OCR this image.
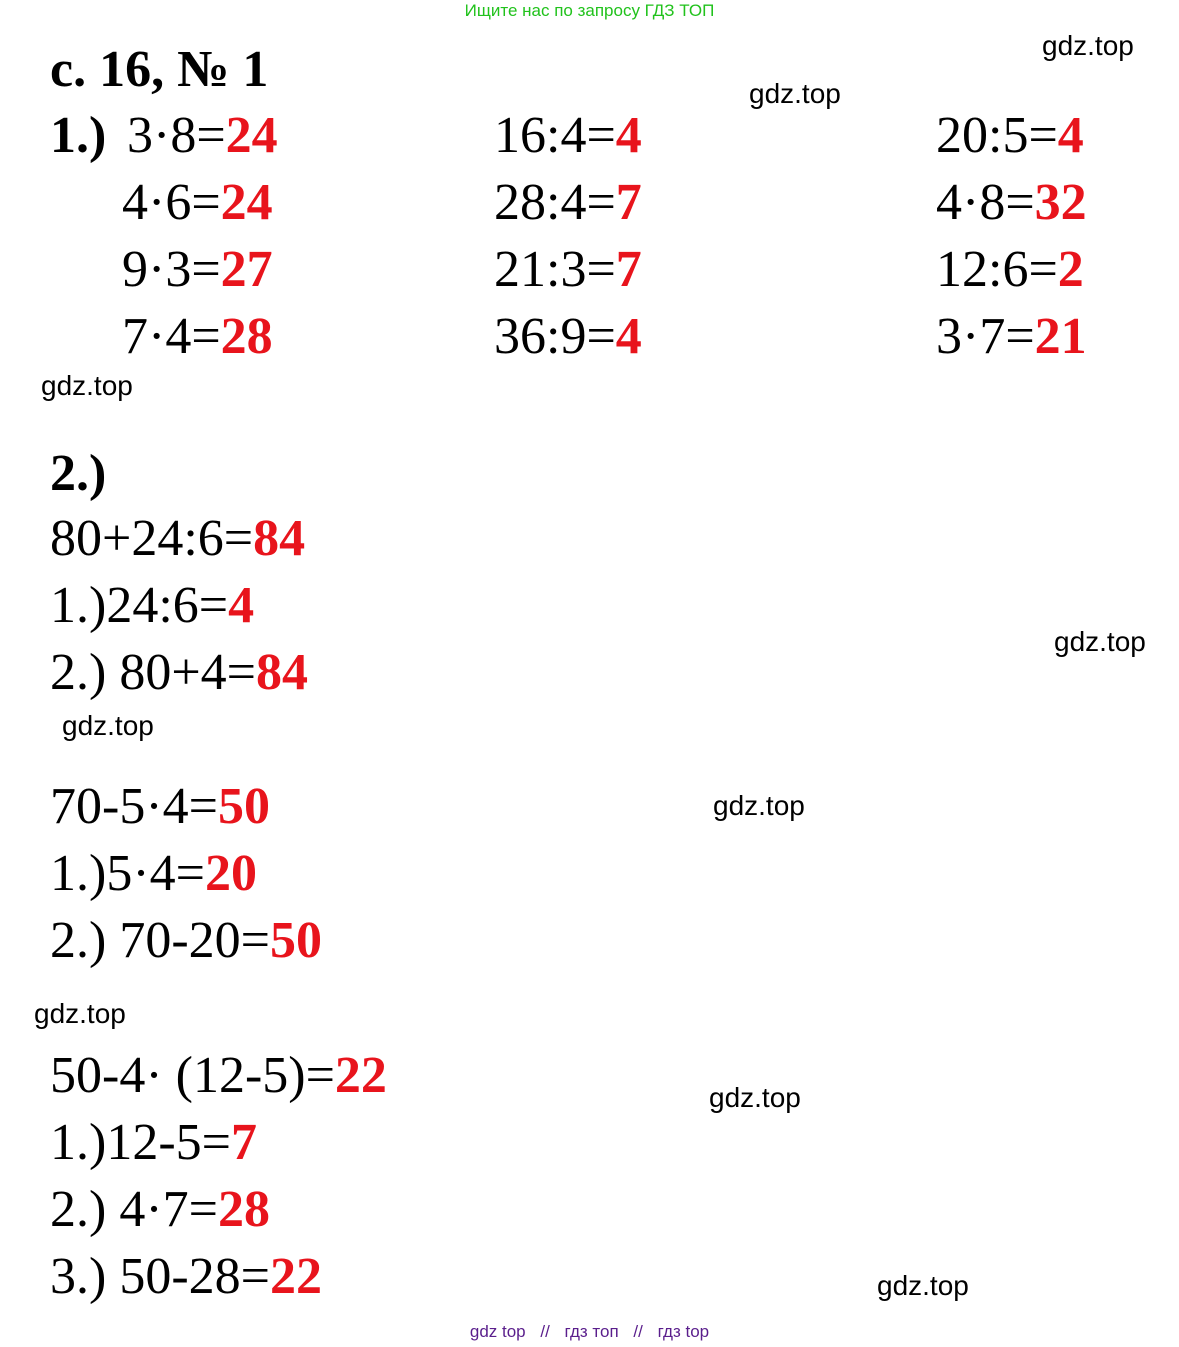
Ищите нас по запросу ГДЗ ТОП
с. 16, № 1
1.) 3·8=24
4·6=24
9·3=27
7·4=28
16:4=4
28:4=7
21:3=7
36:9=4
20:5=4
4·8=32
12:6=2
3·7=21
2.)
80+24:6=84
1.)24:6=4
2.) 80+4=84
70-5·4=50
1.)5·4=20
2.) 70-20=50
50-4· (12-5)=22
1.)12-5=7
2.) 4·7=28
3.) 50-28=22
gdz.top
gdz.top
gdz.top
gdz.top
gdz.top
gdz.top
gdz.top
gdz.top
gdz.top
gdz top // гдз топ // гдз top
